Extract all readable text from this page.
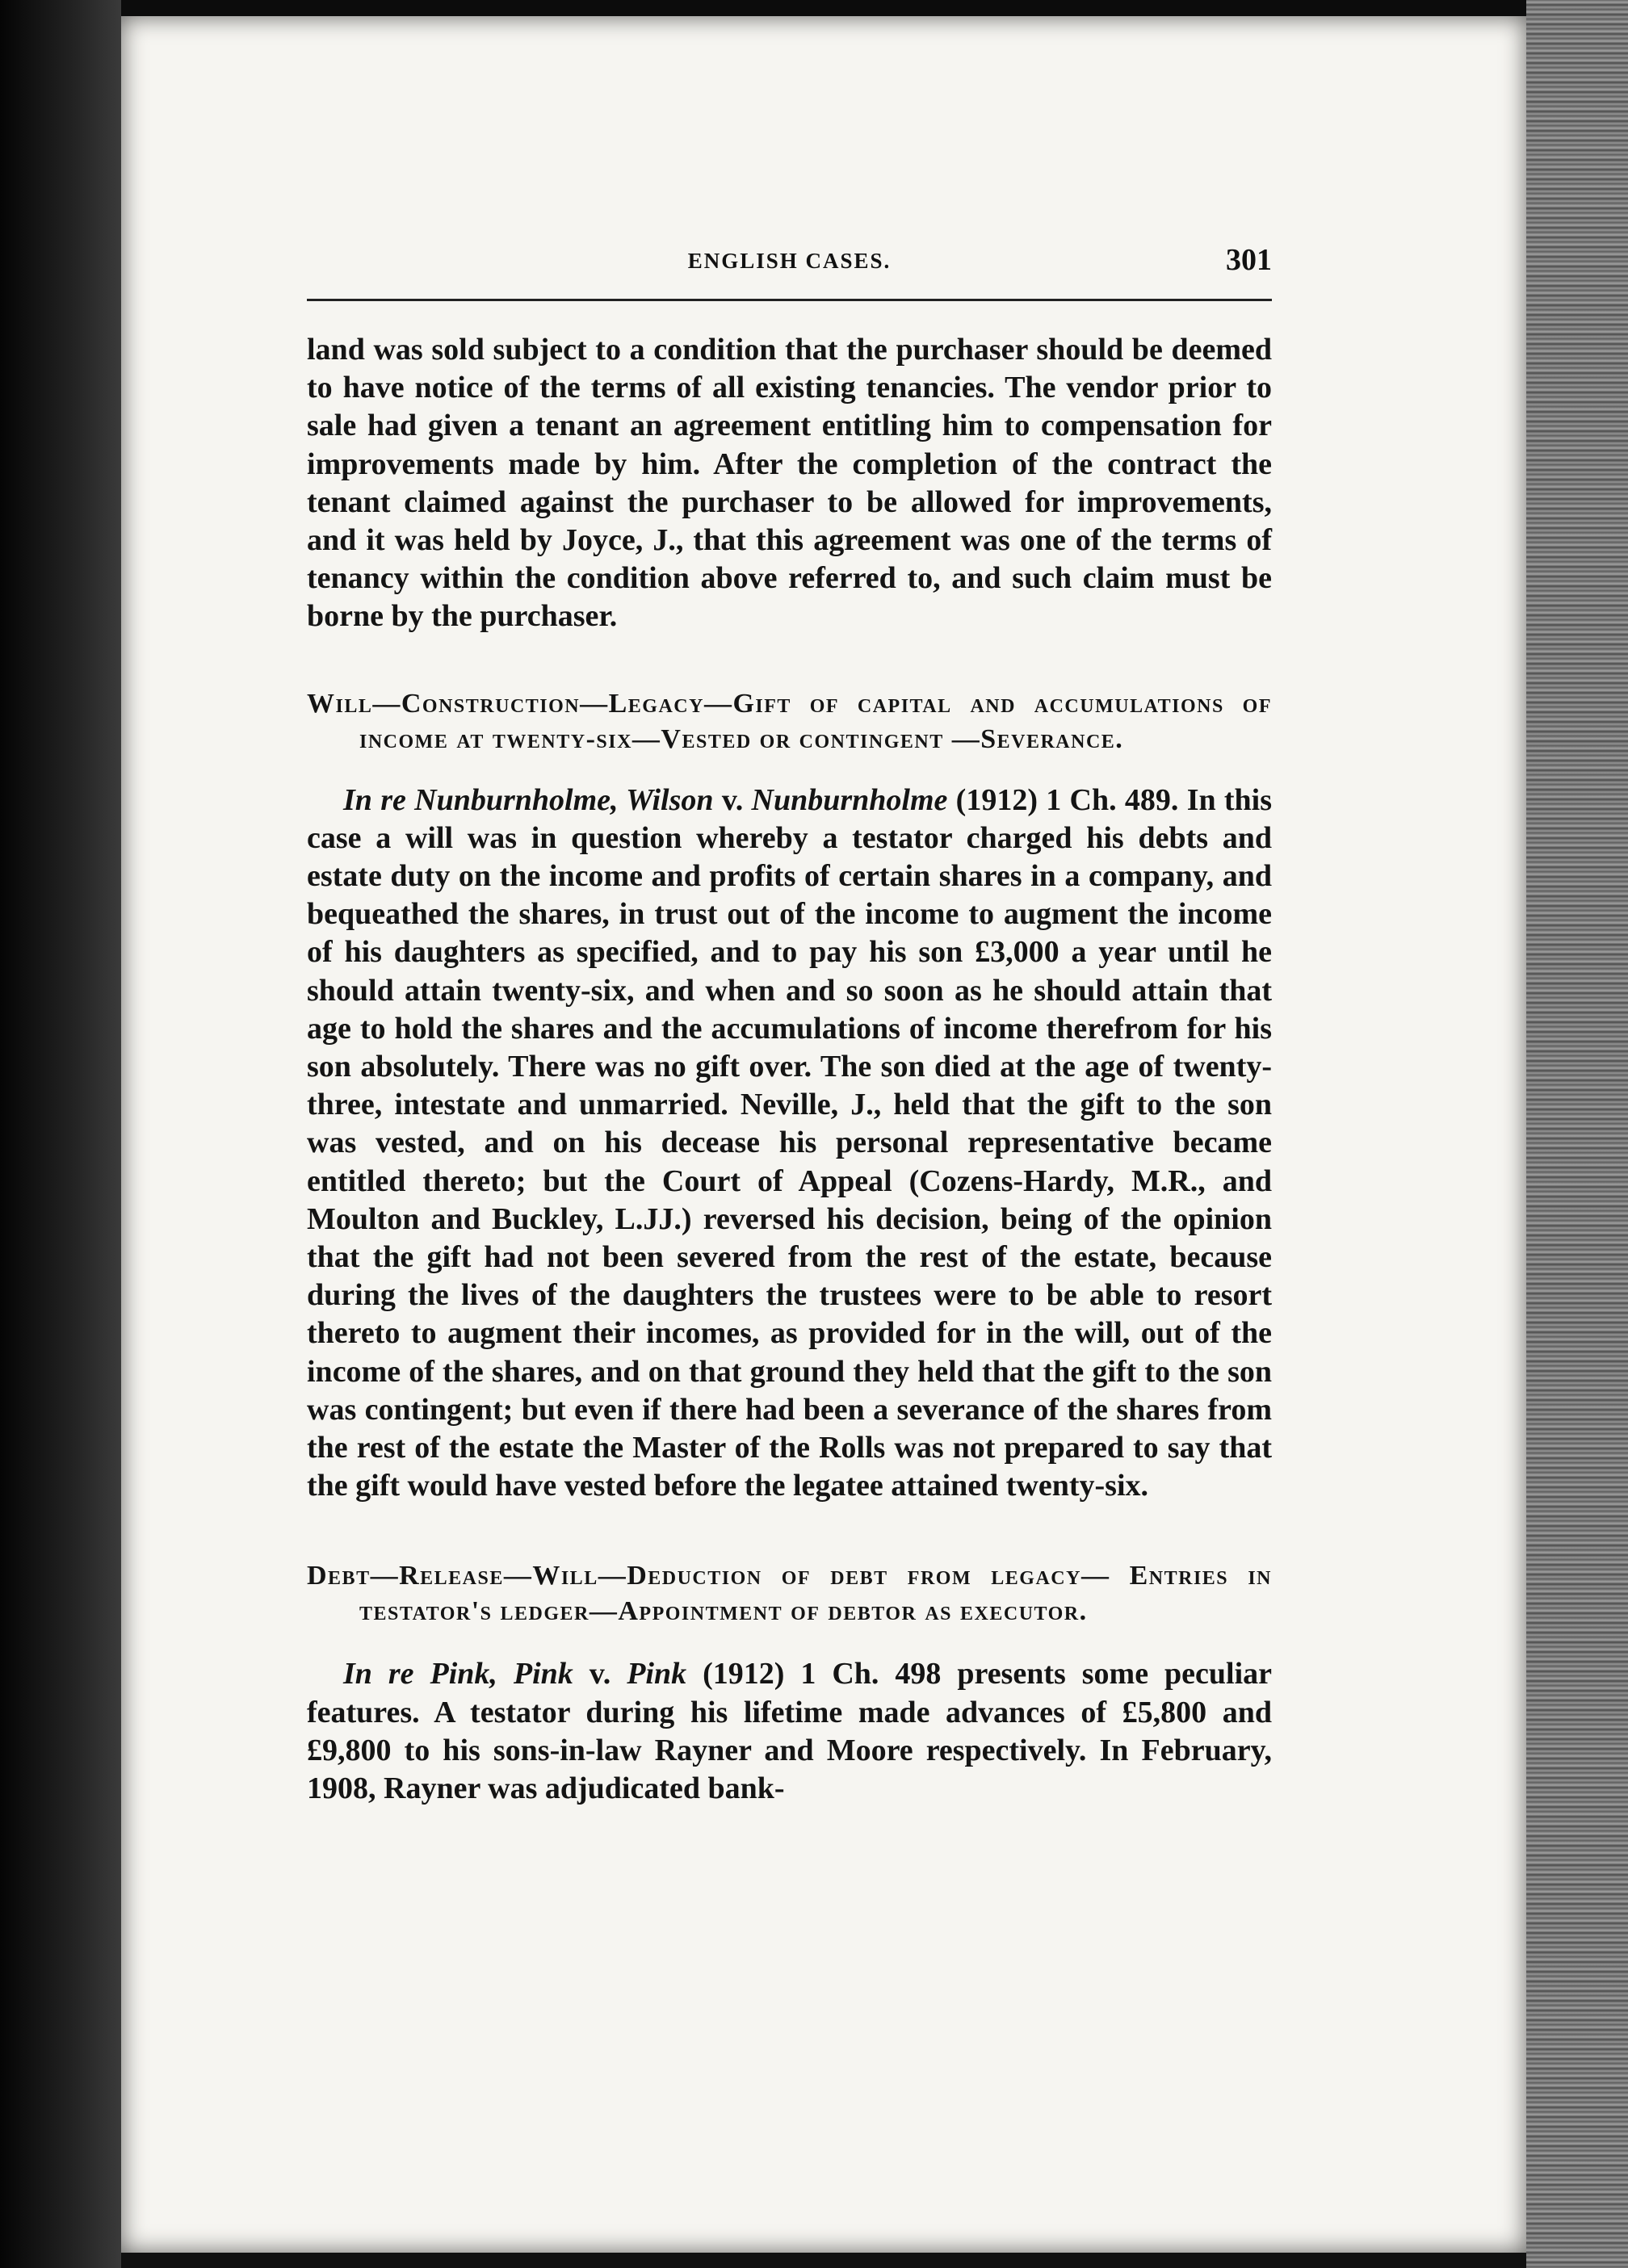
ENGLISH CASES.	301

land was sold subject to a condition that the purchaser should be deemed to have notice of the terms of all existing tenancies. The vendor prior to sale had given a tenant an agreement entitling him to compensation for improvements made by him. After the completion of the contract the tenant claimed against the purchaser to be allowed for improvements, and it was held by Joyce, J., that this agreement was one of the terms of tenancy within the condition above referred to, and such claim must be borne by the purchaser.

Will—Construction—Legacy—Gift of capital and accumulations of income at twenty-six—Vested or contingent —Severance.

In re Nunburnholme, Wilson v. Nunburnholme (1912) 1 Ch. 489. In this case a will was in question whereby a testator charged his debts and estate duty on the income and profits of certain shares in a company, and bequeathed the shares, in trust out of the income to augment the income of his daughters as specified, and to pay his son £3,000 a year until he should attain twenty-six, and when and so soon as he should attain that age to hold the shares and the accumulations of income therefrom for his son absolutely. There was no gift over. The son died at the age of twenty-three, intestate and unmarried. Neville, J., held that the gift to the son was vested, and on his decease his personal representative became entitled thereto; but the Court of Appeal (Cozens-Hardy, M.R., and Moulton and Buckley, L.JJ.) reversed his decision, being of the opinion that the gift had not been severed from the rest of the estate, because during the lives of the daughters the trustees were to be able to resort thereto to augment their incomes, as provided for in the will, out of the income of the shares, and on that ground they held that the gift to the son was contingent; but even if there had been a severance of the shares from the rest of the estate the Master of the Rolls was not prepared to say that the gift would have vested before the legatee attained twenty-six.

Debt—Release—Will—Deduction of debt from legacy— Entries in testator's ledger—Appointment of debtor as executor.

In re Pink, Pink v. Pink (1912) 1 Ch. 498 presents some peculiar features. A testator during his lifetime made advances of £5,800 and £9,800 to his sons-in-law Rayner and Moore respectively. In February, 1908, Rayner was adjudicated bank-
